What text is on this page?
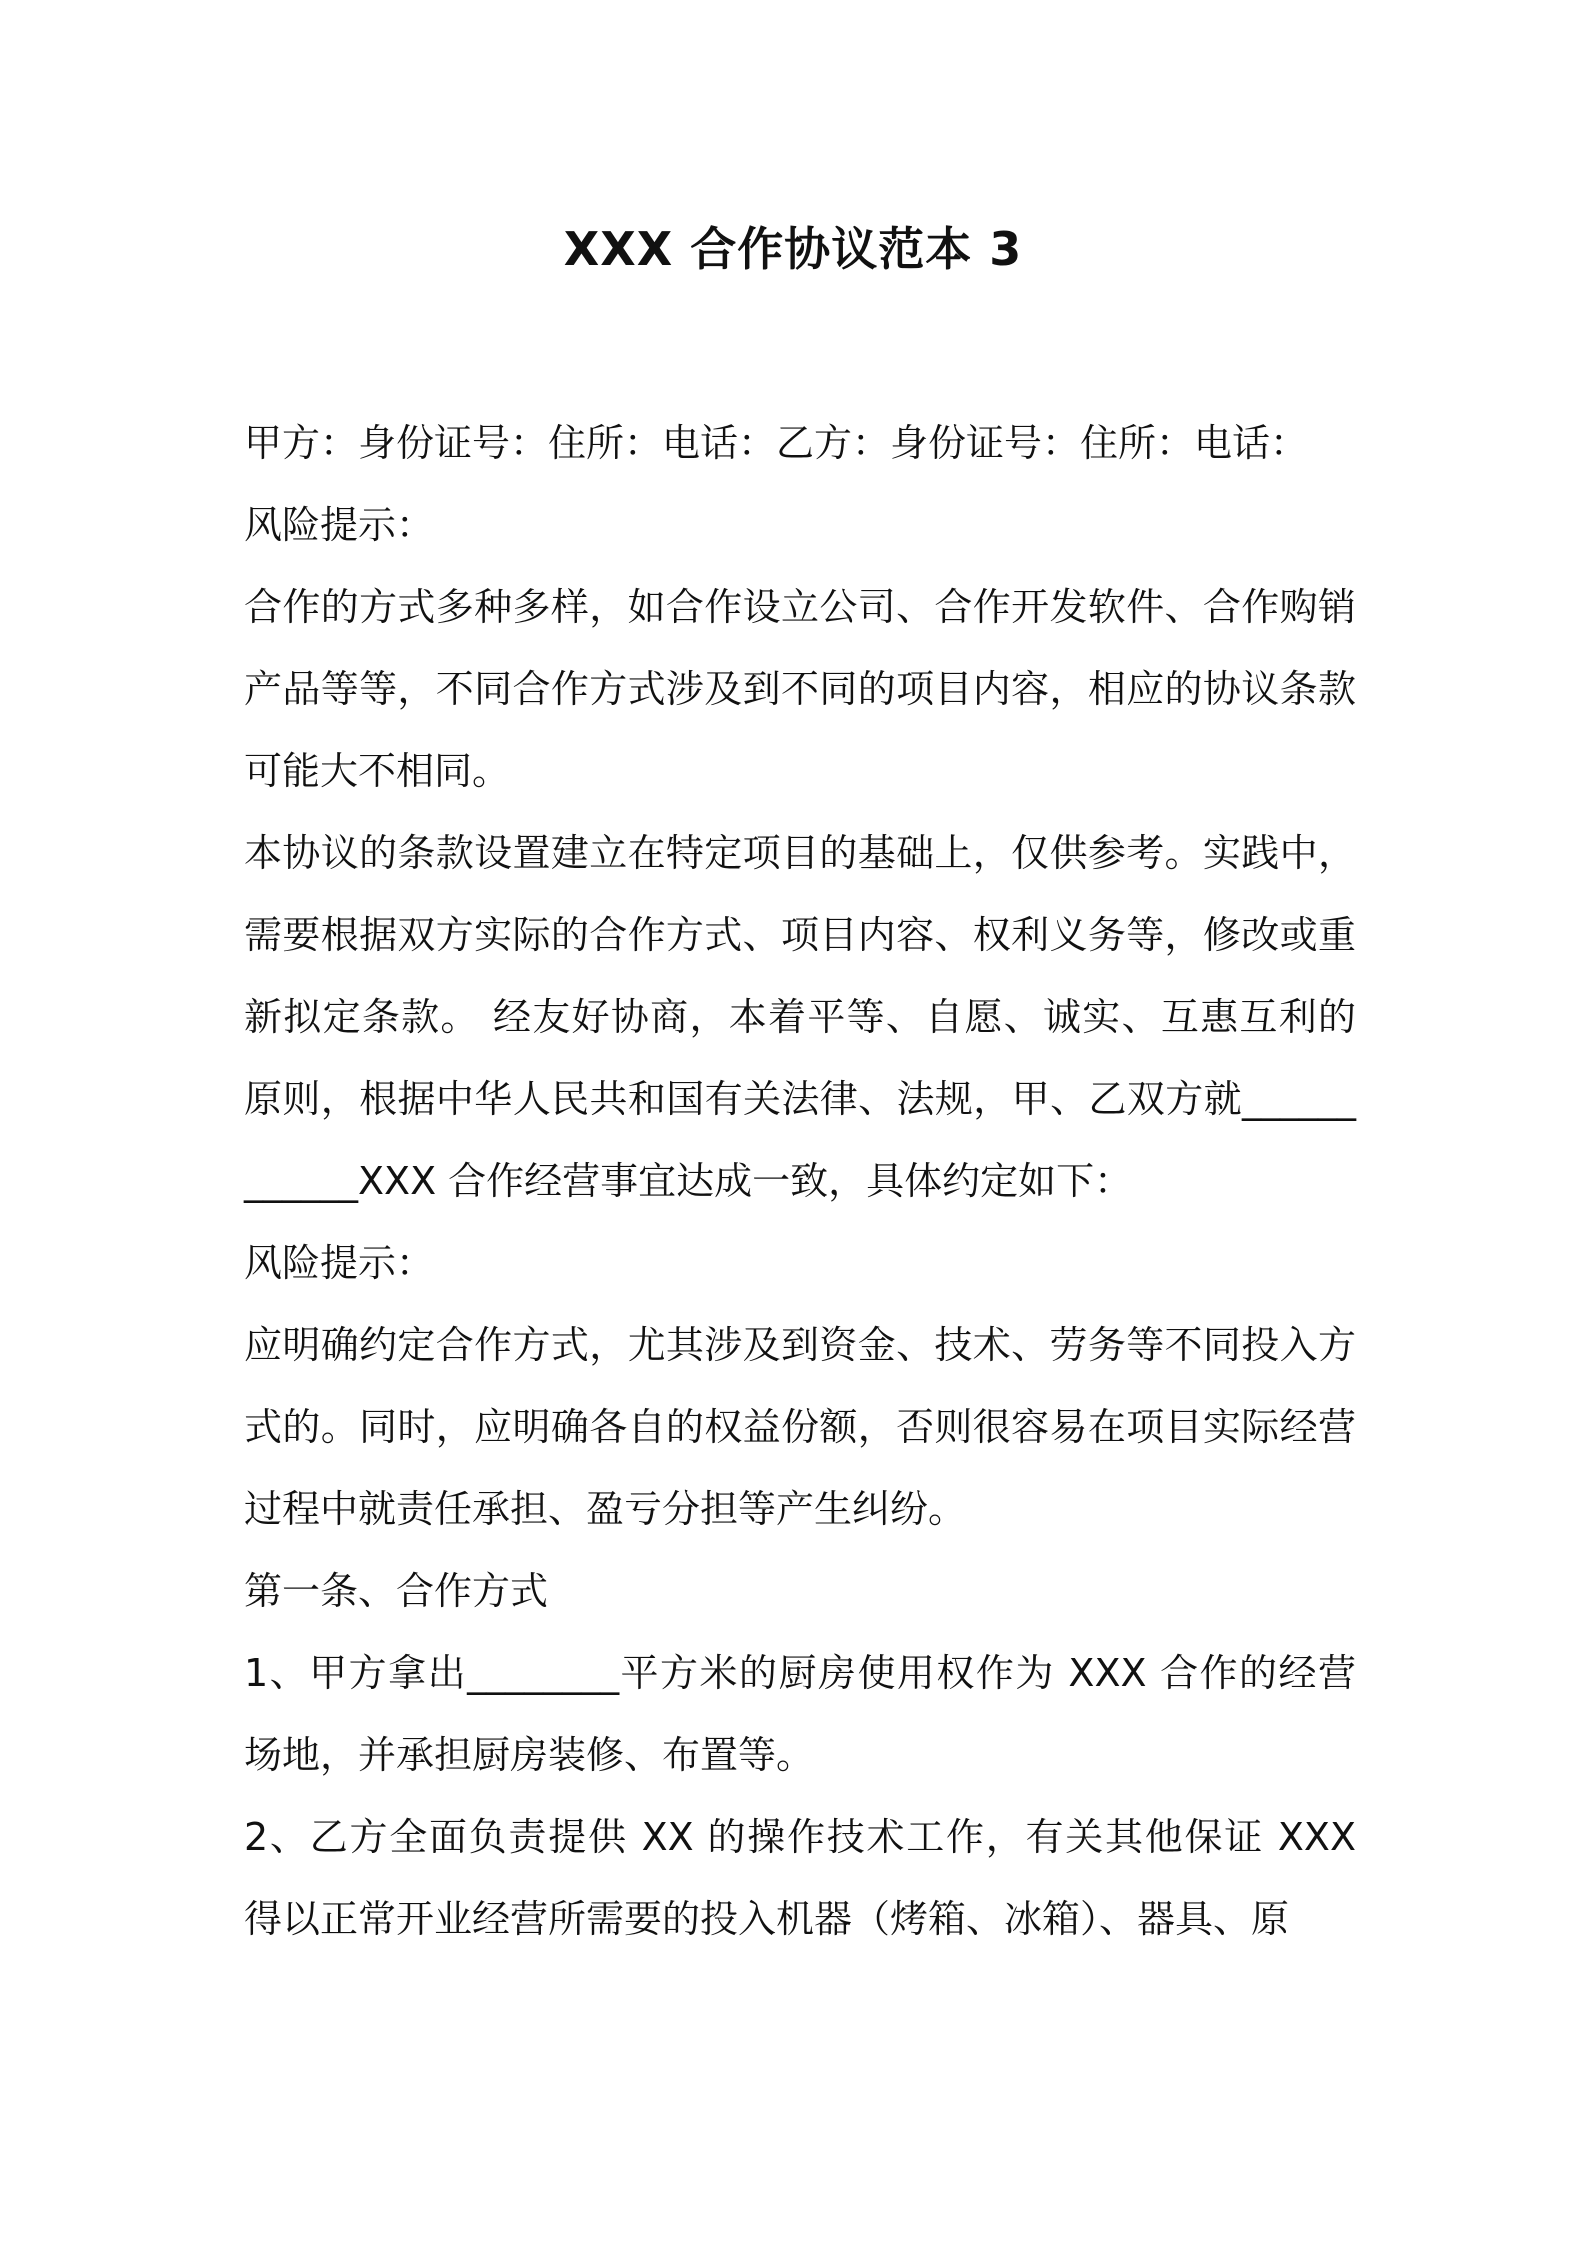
XXX 合作协议范本 3

甲方：身份证号：住所：电话：乙方：身份证号：住所：电话：

风险提示：

合作的方式多种多样，如合作设立公司、合作开发软件、合作购销产品等等，不同合作方式涉及到不同的项目内容，相应的协议条款可能大不相同。

本协议的条款设置建立在特定项目的基础上，仅供参考。实践中，需要根据双方实际的合作方式、项目内容、权利义务等，修改或重新拟定条款。 经友好协商，本着平等、自愿、诚实、互惠互利的原则，根据中华人民共和国有关法律、法规，甲、乙双方就____________XXX 合作经营事宜达成一致，具体约定如下：

风险提示：

应明确约定合作方式，尤其涉及到资金、技术、劳务等不同投入方式的。同时，应明确各自的权益份额，否则很容易在项目实际经营过程中就责任承担、盈亏分担等产生纠纷。

第一条、合作方式

1、甲方拿出________平方米的厨房使用权作为 XXX 合作的经营场地，并承担厨房装修、布置等。

2、乙方全面负责提供 XX 的操作技术工作，有关其他保证 XXX 得以正常开业经营所需要的投入机器（烤箱、冰箱）、器具、原
